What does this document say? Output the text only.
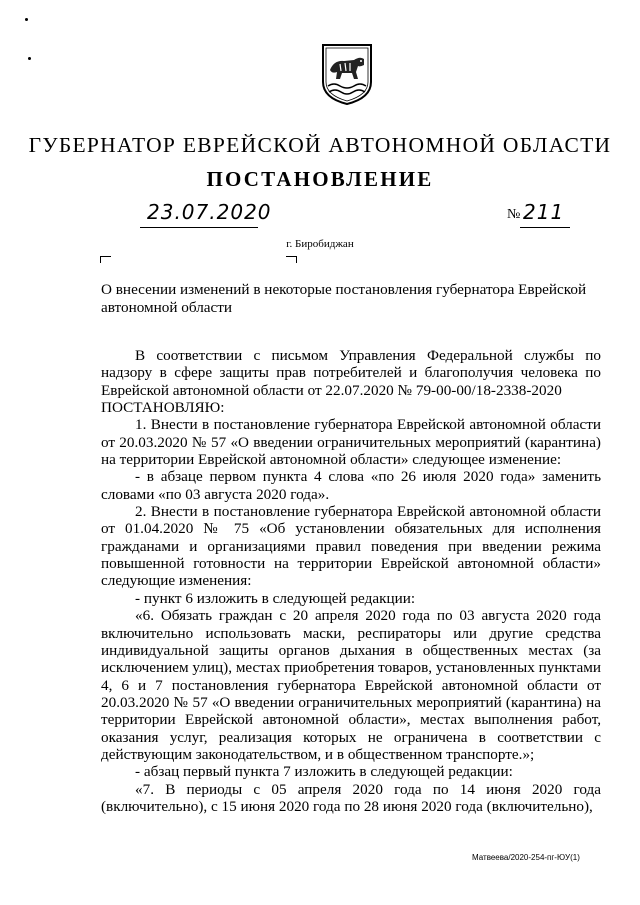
ГУБЕРНАТОР ЕВРЕЙСКОЙ АВТОНОМНОЙ ОБЛАСТИ
ПОСТАНОВЛЕНИЕ
23.07.2020	№ 211
г. Биробиджан
О внесении изменений в некоторые постановления губернатора Еврейской автономной области

В соответствии с письмом Управления Федеральной службы по надзору в сфере защиты прав потребителей и благополучия человека по Еврейской автономной области от 22.07.2020 № 79-00-00/18-2338-2020

ПОСТАНОВЛЯЮ:

1. Внести в постановление губернатора Еврейской автономной области от 20.03.2020 № 57 «О введении ограничительных мероприятий (карантина) на территории Еврейской автономной области» следующее изменение:

- в абзаце первом пункта 4 слова «по 26 июля 2020 года» заменить словами «по 03 августа 2020 года».

2. Внести в постановление губернатора Еврейской автономной области от 01.04.2020 № 75 «Об установлении обязательных для исполнения гражданами и организациями правил поведения при введении режима повышенной готовности на территории Еврейской автономной области» следующие изменения:

- пункт 6 изложить в следующей редакции:

«6. Обязать граждан с 20 апреля 2020 года по 03 августа 2020 года включительно использовать маски, респираторы или другие средства индивидуальной защиты органов дыхания в общественных местах (за исключением улиц), местах приобретения товаров, установленных пунктами 4, 6 и 7 постановления губернатора Еврейской автономной области от 20.03.2020 № 57 «О введении ограничительных мероприятий (карантина) на территории Еврейской автономной области», местах выполнения работ, оказания услуг, реализация которых не ограничена в соответствии с действующим законодательством, и в общественном транспорте.»;

- абзац первый пункта 7 изложить в следующей редакции:

«7. В периоды с 05 апреля 2020 года по 14 июня 2020 года (включительно), с 15 июня 2020 года по 28 июня 2020 года (включительно),

Матвеева/2020-254-пг-ЮУ(1)
